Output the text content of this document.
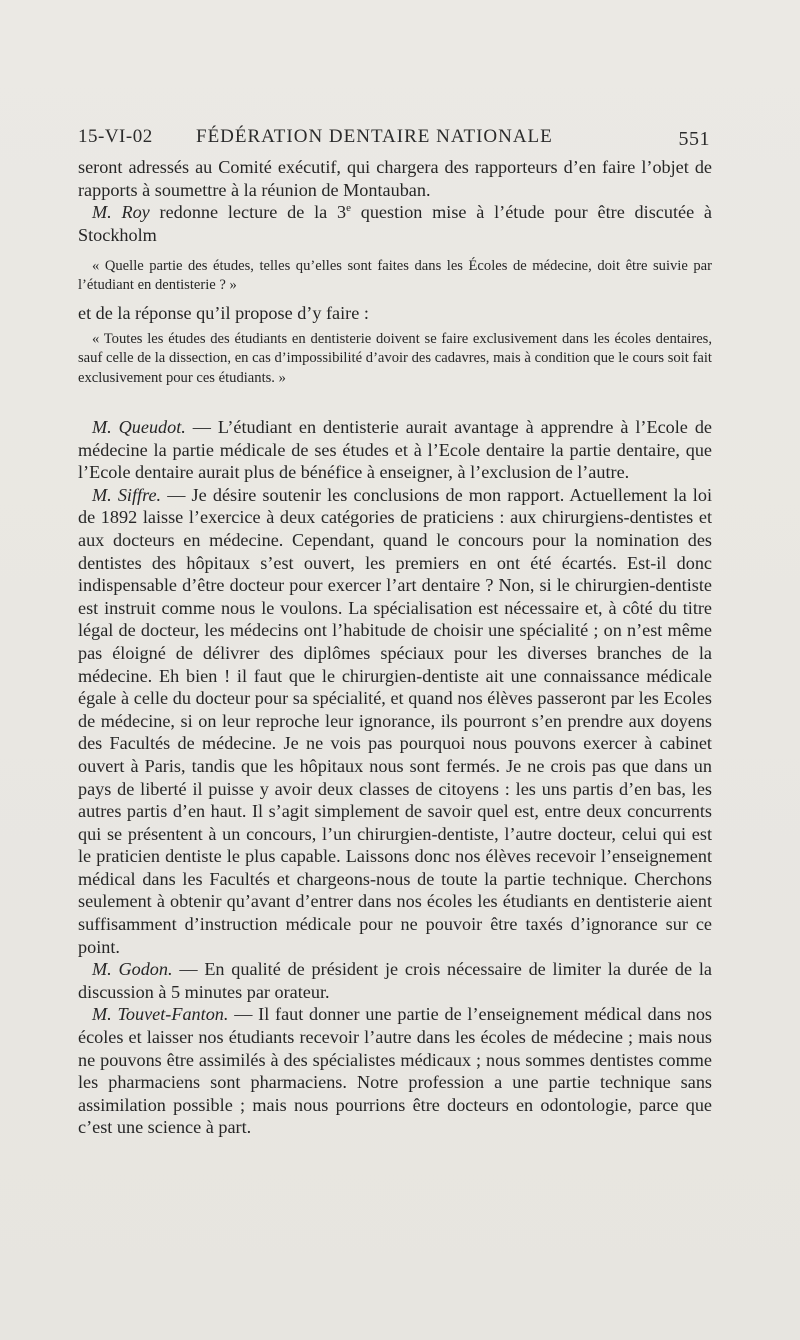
15-VI-02 FÉDÉRATION DENTAIRE NATIONALE	551

seront adressés au Comité exécutif, qui chargera des rapporteurs d’en faire l’objet de rapports à soumettre à la réunion de Montauban.

M. Roy redonne lecture de la 3e question mise à l’étude pour être discutée à Stockholm

« Quelle partie des études, telles qu’elles sont faites dans les Écoles de médecine, doit être suivie par l’étudiant en dentisterie ? »

et de la réponse qu’il propose d’y faire :

« Toutes les études des étudiants en dentisterie doivent se faire exclusivement dans les écoles dentaires, sauf celle de la dissection, en cas d’impossibilité d’avoir des cadavres, mais à condition que le cours soit fait exclusivement pour ces étudiants. »

M. Queudot. — L’étudiant en dentisterie aurait avantage à apprendre à l’Ecole de médecine la partie médicale de ses études et à l’Ecole dentaire la partie dentaire, que l’Ecole dentaire aurait plus de bénéfice à enseigner, à l’exclusion de l’autre.

M. Siffre. — Je désire soutenir les conclusions de mon rapport. Actuellement la loi de 1892 laisse l’exercice à deux catégories de praticiens : aux chirurgiens-dentistes et aux docteurs en médecine. Cependant, quand le concours pour la nomination des dentistes des hôpitaux s’est ouvert, les premiers en ont été écartés. Est-il donc indispensable d’être docteur pour exercer l’art dentaire ? Non, si le chirurgien-dentiste est instruit comme nous le voulons. La spécialisation est nécessaire et, à côté du titre légal de docteur, les médecins ont l’habitude de choisir une spécialité ; on n’est même pas éloigné de délivrer des diplômes spéciaux pour les diverses branches de la médecine. Eh bien ! il faut que le chirurgien-dentiste ait une connaissance médicale égale à celle du docteur pour sa spécialité, et quand nos élèves passeront par les Ecoles de médecine, si on leur reproche leur ignorance, ils pourront s’en prendre aux doyens des Facultés de médecine. Je ne vois pas pourquoi nous pouvons exercer à cabinet ouvert à Paris, tandis que les hôpitaux nous sont fermés. Je ne crois pas que dans un pays de liberté il puisse y avoir deux classes de citoyens : les uns partis d’en bas, les autres partis d’en haut. Il s’agit simplement de savoir quel est, entre deux concurrents qui se présentent à un concours, l’un chirurgien-dentiste, l’autre docteur, celui qui est le praticien dentiste le plus capable. Laissons donc nos élèves recevoir l’enseignement médical dans les Facultés et chargeons-nous de toute la partie technique. Cherchons seulement à obtenir qu’avant d’entrer dans nos écoles les étudiants en dentisterie aient suffisamment d’instruction médicale pour ne pouvoir être taxés d’ignorance sur ce point.

M. Godon. — En qualité de président je crois nécessaire de limiter la durée de la discussion à 5 minutes par orateur.

M. Touvet-Fanton. — Il faut donner une partie de l’enseignement médical dans nos écoles et laisser nos étudiants recevoir l’autre dans les écoles de médecine ; mais nous ne pouvons être assimilés à des spécialistes médicaux ; nous sommes dentistes comme les pharmaciens sont pharmaciens. Notre profession a une partie technique sans assimilation possible ; mais nous pourrions être docteurs en odontologie, parce que c’est une science à part.
